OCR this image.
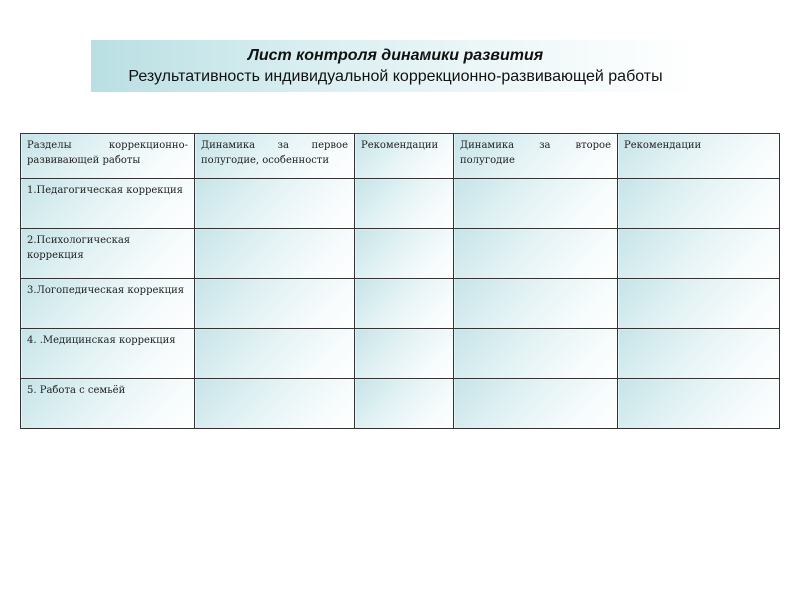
Лист контроля динамики развития
Результативность индивидуальной коррекционно-развивающей работы
Разделы коррекционно-развивающей работы	Динамика за первое полугодие, особенности	Рекомендации	Динамика за второе полугодие	Рекомендации
1.Педагогическая коррекция				
2.Психологическая коррекция				
3.Логопедическая коррекция				
4. .Медицинская коррекция				
5. Работа с семьёй				
